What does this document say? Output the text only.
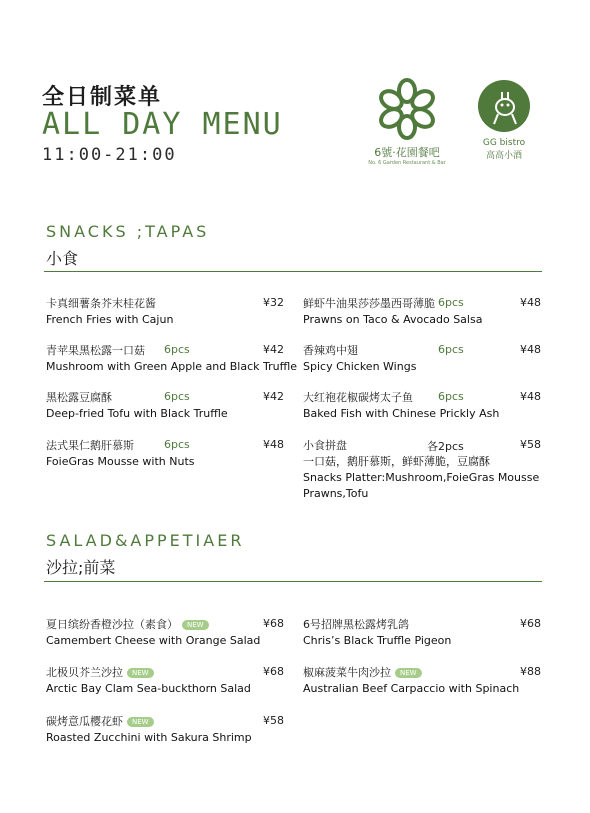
全日制菜单
ALL DAY MENU
11:00-21:00	6號·花園餐吧
No. 6 Garden Restaurant & Bar
GG bistro
高高小酒
SNACKS ;TAPAS
小食
卡真细薯条芥末桂花酱
French Fries with Cajun
¥32
青苹果黑松露一口菇
Mushroom with Green Apple and Black Truffle
6pcs	¥42
黑松露豆腐酥
Deep-fried Tofu with Black Truffle
6pcs	¥42
法式果仁鹅肝慕斯
FoieGras Mousse with Nuts
6pcs	¥48
鲜虾牛油果莎莎墨西哥薄脆
Prawns on Taco & Avocado Salsa
6pcs	¥48
香辣鸡中翅
Spicy Chicken Wings
6pcs	¥48
大红袍花椒碳烤太子鱼
Baked Fish with Chinese Prickly Ash
6pcs	¥48
小食拼盘
一口菇，鹅肝慕斯，鲜虾薄脆，豆腐酥
Snacks Platter:Mushroom,FoieGras Mousse
Prawns,Tofu
各2pcs	¥58
SALAD&APPETIAER
沙拉;前菜
夏日缤纷香橙沙拉（素食） NEW
Camembert Cheese with Orange Salad
¥68
北极贝芥兰沙拉 NEW
Arctic Bay Clam Sea-buckthorn Salad
¥68
碳烤意瓜樱花虾 NEW
Roasted Zucchini with Sakura Shrimp
¥58
6号招牌黑松露烤乳鸽
Chris’s Black Truffle Pigeon
¥68
椒麻菠菜牛肉沙拉 NEW
Australian Beef Carpaccio with Spinach
¥88
